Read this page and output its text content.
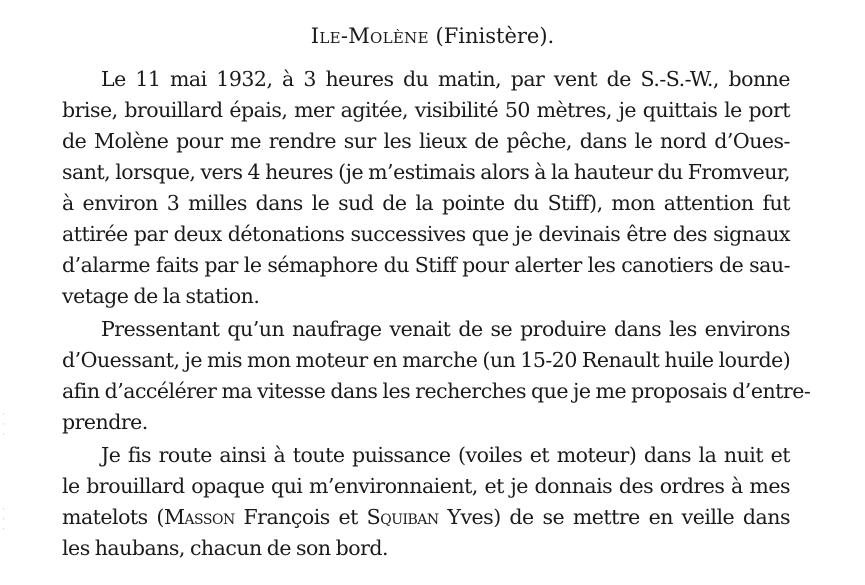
Ile-Molène (Finistère).
Le 11 mai 1932, à 3 heures du matin, par vent de S.-S.-W., bonne
brise, brouillard épais, mer agitée, visibilité 50 mètres, je quittais le port
de Molène pour me rendre sur les lieux de pêche, dans le nord d’Oues-
sant, lorsque, vers 4 heures (je m’estimais alors à la hauteur du Fromveur,
à environ 3 milles dans le sud de la pointe du Stiff), mon attention fut
attirée par deux détonations successives que je devinais être des signaux
d’alarme faits par le sémaphore du Stiff pour alerter les canotiers de sau-
vetage de la station.
Pressentant qu’un naufrage venait de se produire dans les environs
d’Ouessant, je mis mon moteur en marche (un 15-20 Renault huile lourde)
afin d’accélérer ma vitesse dans les recherches que je me proposais d’entre-
prendre.
Je fis route ainsi à toute puissance (voiles et moteur) dans la nuit et
le brouillard opaque qui m’environnaient, et je donnais des ordres à mes
matelots (Masson François et Squiban Yves) de se mettre en veille dans
les haubans, chacun de son bord.
·
·
·
·
·
·
